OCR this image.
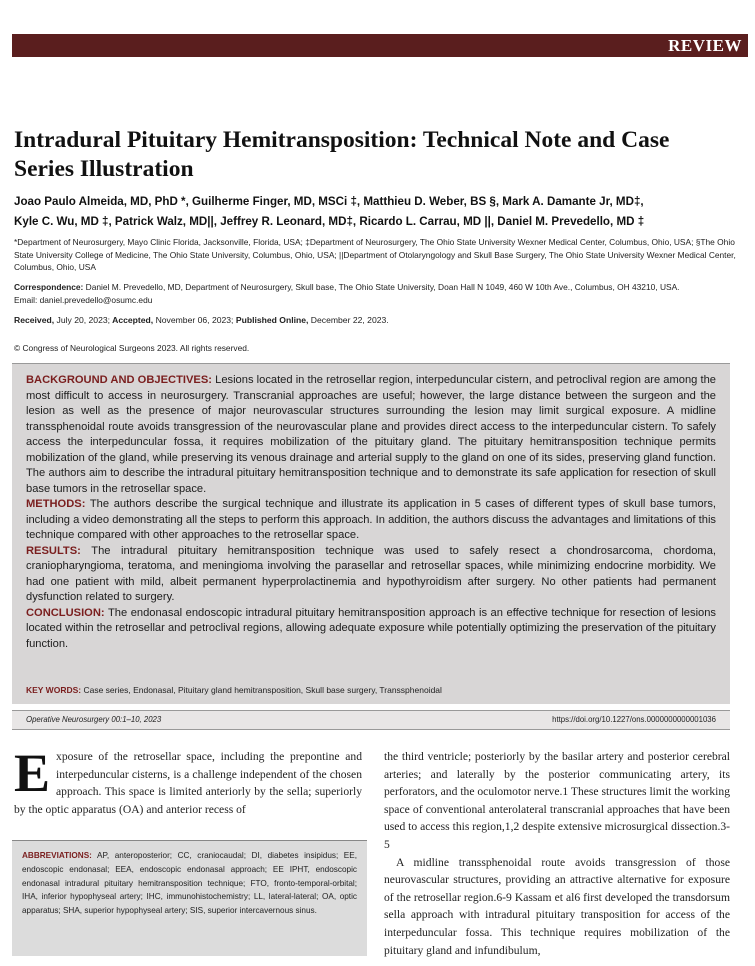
REVIEW
Intradural Pituitary Hemitransposition: Technical Note and Case Series Illustration
Joao Paulo Almeida, MD, PhD *, Guilherme Finger, MD, MSCi ‡, Matthieu D. Weber, BS §, Mark A. Damante Jr, MD‡,
Kyle C. Wu, MD ‡, Patrick Walz, MD||, Jeffrey R. Leonard, MD‡, Ricardo L. Carrau, MD ||, Daniel M. Prevedello, MD ‡
*Department of Neurosurgery, Mayo Clinic Florida, Jacksonville, Florida, USA; ‡Department of Neurosurgery, The Ohio State University Wexner Medical Center, Columbus, Ohio, USA; §The Ohio State University College of Medicine, The Ohio State University, Columbus, Ohio, USA; ||Department of Otolaryngology and Skull Base Surgery, The Ohio State University Wexner Medical Center, Columbus, Ohio, USA
Correspondence: Daniel M. Prevedello, MD, Department of Neurosurgery, Skull base, The Ohio State University, Doan Hall N 1049, 460 W 10th Ave., Columbus, OH 43210, USA.
Email: daniel.prevedello@osumc.edu
Received, July 20, 2023; Accepted, November 06, 2023; Published Online, December 22, 2023.
© Congress of Neurological Surgeons 2023. All rights reserved.
BACKGROUND AND OBJECTIVES: Lesions located in the retrosellar region, interpeduncular cistern, and petroclival region are among the most difficult to access in neurosurgery. Transcranial approaches are useful; however, the large distance between the surgeon and the lesion as well as the presence of major neurovascular structures surrounding the lesion may limit surgical exposure. A midline transsphenoidal route avoids transgression of the neurovascular plane and provides direct access to the interpeduncular cistern. To safely access the interpeduncular fossa, it requires mobilization of the pituitary gland. The pituitary hemitransposition technique permits mobilization of the gland, while preserving its venous drainage and arterial supply to the gland on one of its sides, preserving gland function. The authors aim to describe the intradural pituitary hemitransposition technique and to demonstrate its safe application for resection of skull base tumors in the retrosellar space.
METHODS: The authors describe the surgical technique and illustrate its application in 5 cases of different types of skull base tumors, including a video demonstrating all the steps to perform this approach. In addition, the authors discuss the advantages and limitations of this technique compared with other approaches to the retrosellar space.
RESULTS: The intradural pituitary hemitransposition technique was used to safely resect a chondrosarcoma, chordoma, craniopharyngioma, teratoma, and meningioma involving the parasellar and retrosellar spaces, while minimizing endocrine morbidity. We had one patient with mild, albeit permanent hyperprolactinemia and hypothyroidism after surgery. No other patients had permanent dysfunction related to surgery.
CONCLUSION: The endonasal endoscopic intradural pituitary hemitransposition approach is an effective technique for resection of lesions located within the retrosellar and petroclival regions, allowing adequate exposure while potentially optimizing the preservation of the pituitary function.
KEY WORDS: Case series, Endonasal, Pituitary gland hemitransposition, Skull base surgery, Transsphenoidal
Operative Neurosurgery 00:1–10, 2023	https://doi.org/10.1227/ons.0000000000001036
Exposure of the retrosellar space, including the prepontine and interpeduncular cisterns, is a challenge independent of the chosen approach. This space is limited anteriorly by the sella; superiorly by the optic apparatus (OA) and anterior recess of
ABBREVIATIONS: AP, anteroposterior; CC, craniocaudal; DI, diabetes insipidus; EE, endoscopic endonasal; EEA, endoscopic endonasal approach; EE IPHT, endoscopic endonasal intradural pituitary hemitransposition technique; FTO, fronto-temporal-orbital; IHA, inferior hypophyseal artery; IHC, immunohistochemistry; LL, lateral-lateral; OA, optic apparatus; SHA, superior hypophyseal artery; SIS, superior intercavernous sinus.
the third ventricle; posteriorly by the basilar artery and posterior cerebral arteries; and laterally by the posterior communicating artery, its perforators, and the oculomotor nerve.1 These structures limit the working space of conventional anterolateral transcranial approaches that have been used to access this region,1,2 despite extensive microsurgical dissection.3-5
A midline transsphenoidal route avoids transgression of those neurovascular structures, providing an attractive alternative for exposure of the retrosellar region.6-9 Kassam et al6 first developed the transdorsum sella approach with intradural pituitary transposition for access of the interpeduncular fossa. This technique requires mobilization of the pituitary gland and infundibulum,
